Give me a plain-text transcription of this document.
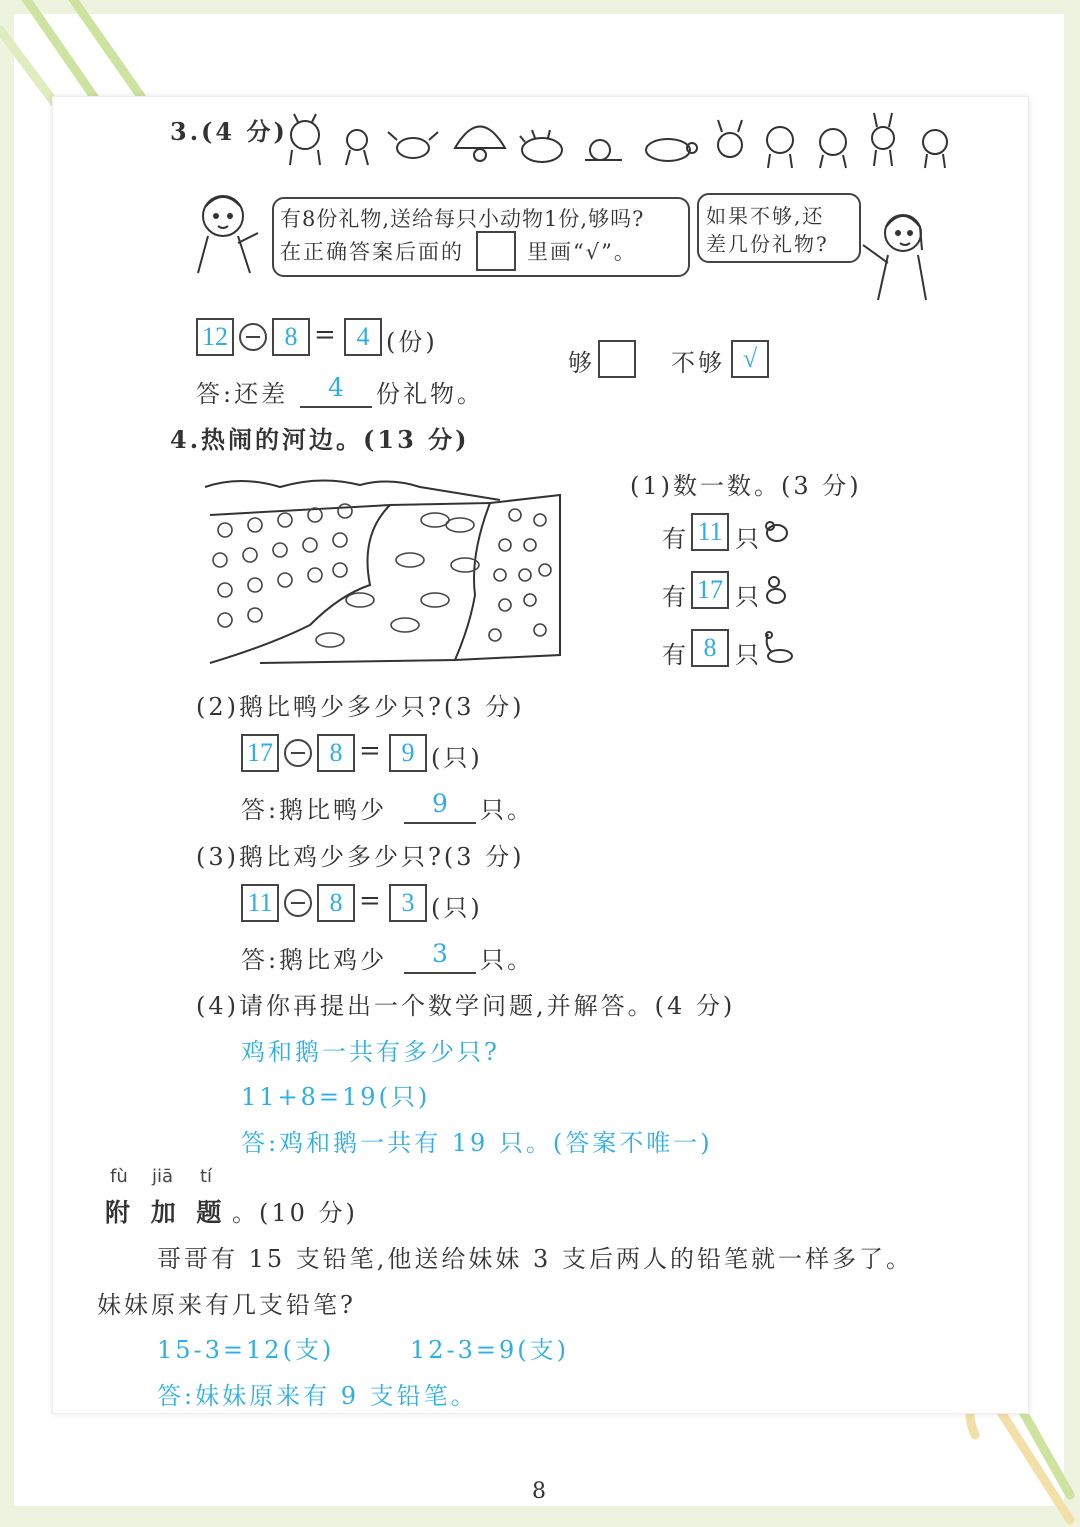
3.(4 分)
有8份礼物,送给每只小动物1份,够吗?
在正确答案后面的	里画“√”。
如果不够,还
差几份礼物?
12	8 = 4 (份)
够	不够 √
答:还差	4	份礼物。
4.热闹的河边。(13 分)
(1)数一数。(3 分)
有 11 只
有 17 只
有 8 只
(2)鹅比鸭少多少只?(3 分)
17	8 = 9 (只)
答:鹅比鸭少	9	只。
(3)鹅比鸡少多少只?(3 分)
11	8 = 3 (只)
答:鹅比鸡少	3	只。
(4)请你再提出一个数学问题,并解答。(4 分)
鸡和鹅一共有多少只?
11+8=19(只)
答:鸡和鹅一共有 19 只。(答案不唯一)
fù jiā tí
附 加 题 。(10 分)
哥哥有 15 支铅笔,他送给妹妹 3 支后两人的铅笔就一样多了。
妹妹原来有几支铅笔?
15-3=12(支)	12-3=9(支)
答:妹妹原来有 9 支铅笔。
8
